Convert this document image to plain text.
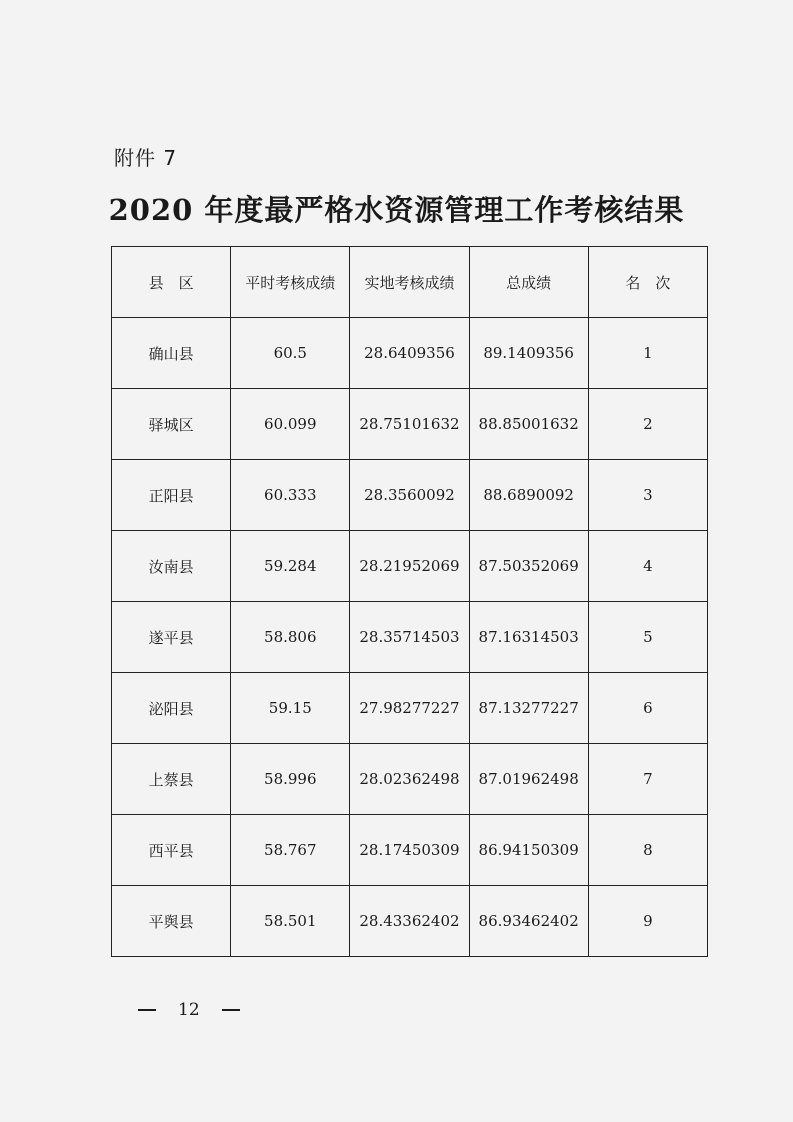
附件 7
2020 年度最严格水资源管理工作考核结果
县　区	平时考核成绩	实地考核成绩	总成绩	名　次
确山县	60.5	28.6409356	89.1409356	1
驿城区	60.099	28.75101632	88.85001632	2
正阳县	60.333	28.3560092	88.6890092	3
汝南县	59.284	28.21952069	87.50352069	4
遂平县	58.806	28.35714503	87.16314503	5
泌阳县	59.15	27.98277227	87.13277227	6
上蔡县	58.996	28.02362498	87.01962498	7
西平县	58.767	28.17450309	86.94150309	8
平舆县	58.501	28.43362402	86.93462402	9
12
